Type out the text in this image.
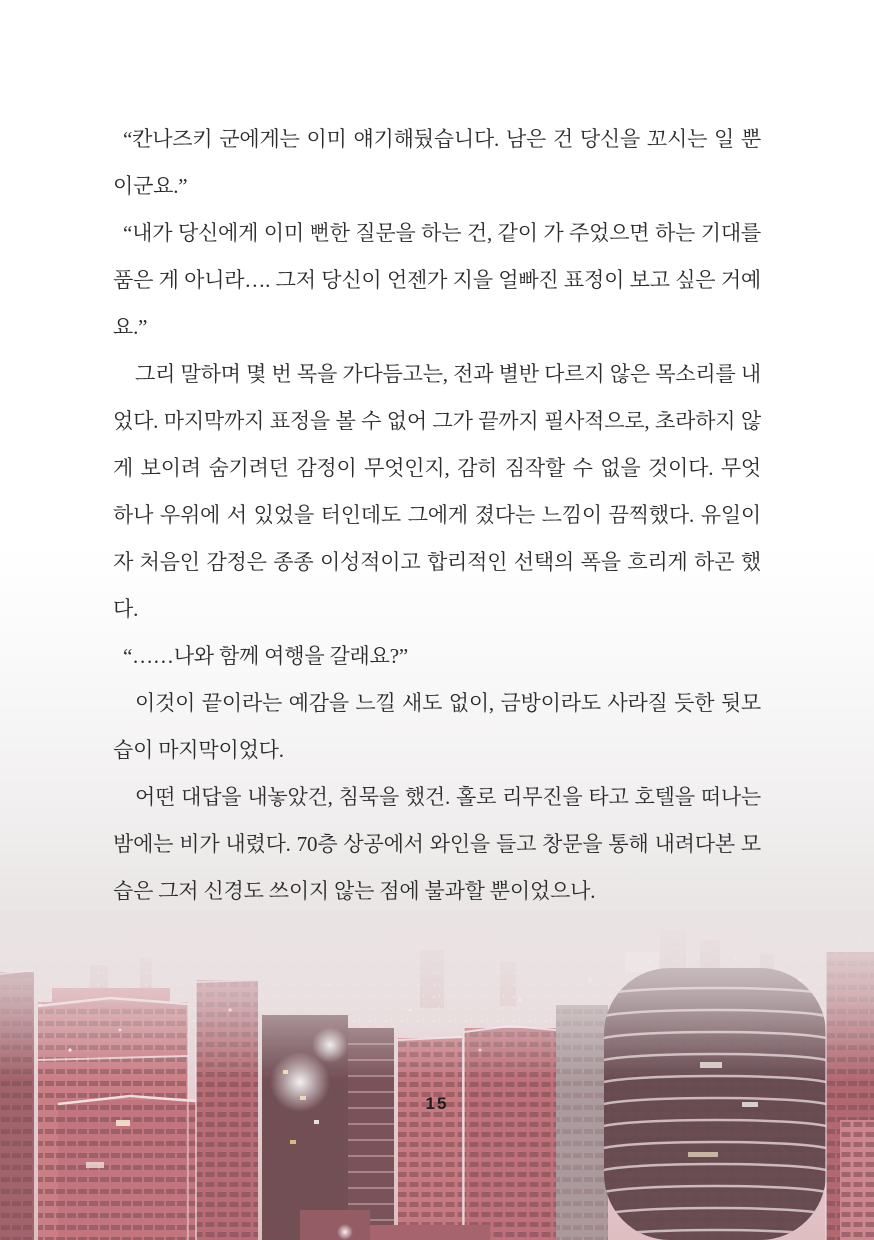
“칸나즈키 군에게는 이미 얘기해뒀습니다. 남은 건 당신을 꼬시는 일 뿐이군요.”

“내가 당신에게 이미 뻔한 질문을 하는 건, 같이 가 주었으면 하는 기대를 품은 게 아니라…. 그저 당신이 언젠가 지을 얼빠진 표정이 보고 싶은 거예요.”

그리 말하며 몇 번 목을 가다듬고는, 전과 별반 다르지 않은 목소리를 내었다. 마지막까지 표정을 볼 수 없어 그가 끝까지 필사적으로, 초라하지 않게 보이려 숨기려던 감정이 무엇인지, 감히 짐작할 수 없을 것이다. 무엇 하나 우위에 서 있었을 터인데도 그에게 졌다는 느낌이 끔찍했다. 유일이자 처음인 감정은 종종 이성적이고 합리적인 선택의 폭을 흐리게 하곤 했다.

“……나와 함께 여행을 갈래요?”

이것이 끝이라는 예감을 느낄 새도 없이, 금방이라도 사라질 듯한 뒷모습이 마지막이었다.

어떤 대답을 내놓았건, 침묵을 했건. 홀로 리무진을 타고 호텔을 떠나는 밤에는 비가 내렸다. 70층 상공에서 와인을 들고 창문을 통해 내려다본 모습은 그저 신경도 쓰이지 않는 점에 불과할 뿐이었으나.

15
